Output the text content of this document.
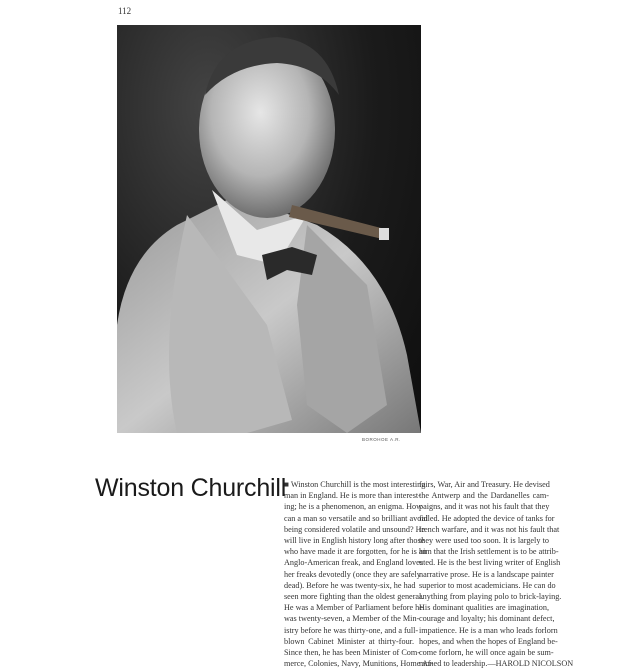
112
BOROHOE A.R.
Winston Churchill
■ Winston Churchill is the most interesting
man in England. He is more than interest-
ing; he is a phenomenon, an enigma. How
can a man so versatile and so brilliant avoid
being considered volatile and unsound? He
will live in English history long after those
who have made it are forgotten, for he is an
Anglo-American freak, and England loves
her freaks devotedly (once they are safely
dead). Before he was twenty-six, he had
seen more fighting than the oldest general.
He was a Member of Parliament before he
was twenty-seven, a Member of the Min-
istry before he was thirty-one, and a full-
blown Cabinet Minister at thirty-four.
Since then, he has been Minister of Com-
merce, Colonies, Navy, Munitions, Home Af-
fairs, War, Air and Treasury. He devised
the Antwerp and the Dardanelles cam-
paigns, and it was not his fault that they
failed. He adopted the device of tanks for
trench warfare, and it was not his fault that
they were used too soon. It is largely to
him that the Irish settlement is to be attrib-
uted. He is the best living writer of English
narrative prose. He is a landscape painter
superior to most academicians. He can do
anything from playing polo to brick-laying.
His dominant qualities are imagination,
courage and loyalty; his dominant defect,
impatience. He is a man who leads forlorn
hopes, and when the hopes of England be-
come forlorn, he will once again be sum-
moned to leadership.—HAROLD NICOLSON
